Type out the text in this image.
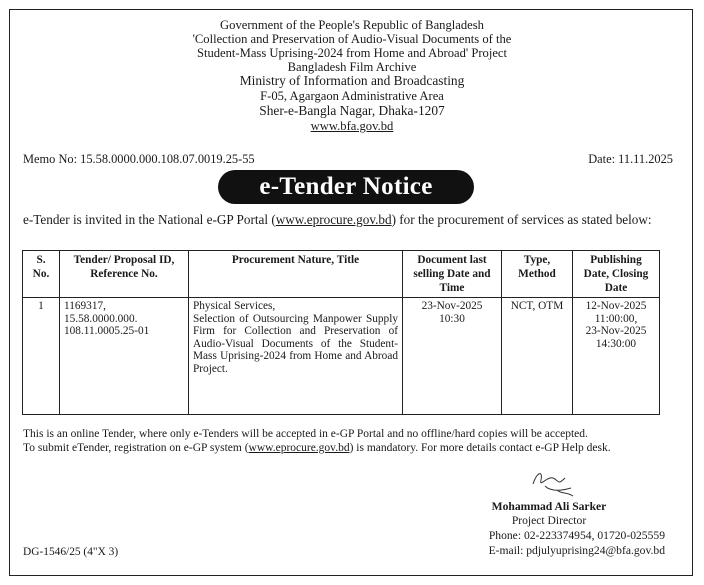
Government of the People's Republic of Bangladesh
'Collection and Preservation of Audio-Visual Documents of the
Student-Mass Uprising-2024 from Home and Abroad' Project
Bangladesh Film Archive
Ministry of Information and Broadcasting
F-05, Agargaon Administrative Area
Sher-e-Bangla Nagar, Dhaka-1207
www.bfa.gov.bd
Memo No: 15.58.0000.000.108.07.0019.25-55	Date: 11.11.2025
e-Tender Notice
e-Tender is invited in the National e-GP Portal (www.eprocure.gov.bd) for the procurement of services as stated below:
S. No.	Tender/ Proposal ID, Reference No.	Procurement Nature, Title	Document last selling Date and Time	Type, Method	Publishing Date, Closing Date
1	1169317,
15.58.0000.000.
108.11.0005.25-01	Physical Services,
Selection of Outsourcing Manpower Supply Firm for Collection and Preservation of Audio-Visual Documents of the Student-Mass Uprising-2024 from Home and Abroad Project.	23-Nov-2025
10:30	NCT, OTM	12-Nov-2025
11:00:00,
23-Nov-2025
14:30:00
This is an online Tender, where only e-Tenders will be accepted in e-GP Portal and no offline/hard copies will be accepted.
To submit eTender, registration on e-GP system (www.eprocure.gov.bd) is mandatory. For more details contact e-GP Help desk.
Mohammad Ali Sarker
Project Director
Phone: 02-223374954, 01720-025559
E-mail: pdjulyuprising24@bfa.gov.bd
DG-1546/25 (4"X 3)
